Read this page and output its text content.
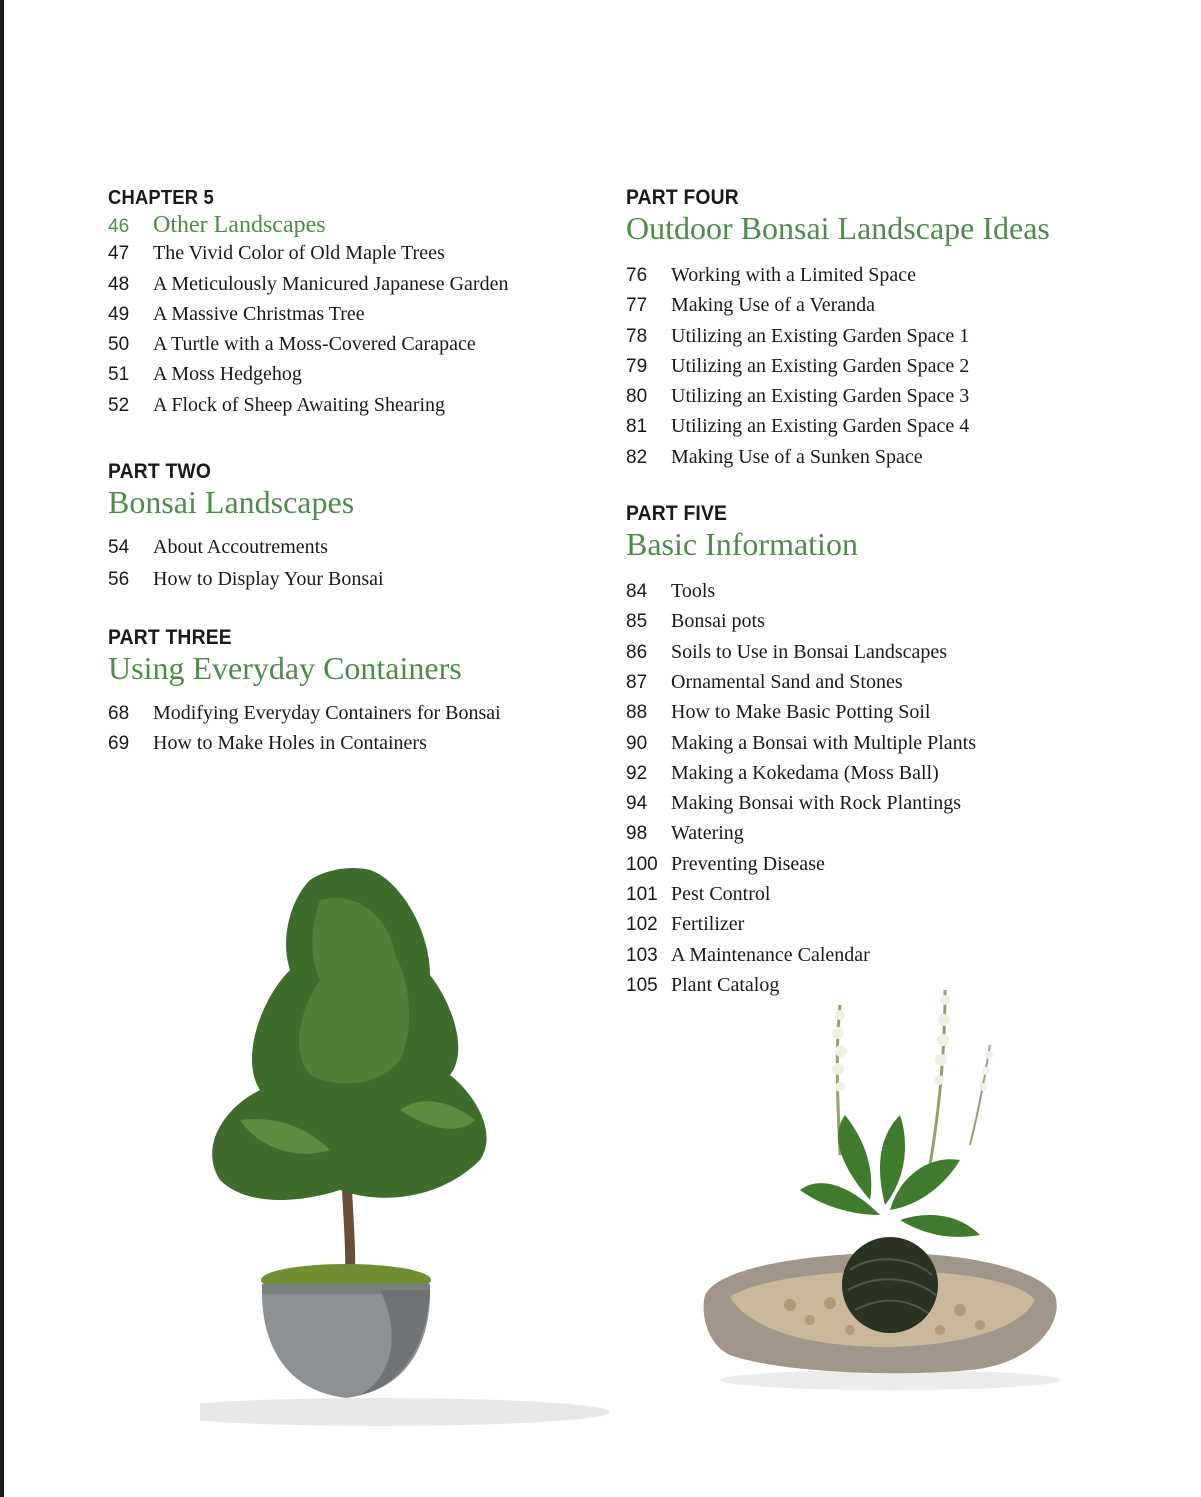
CHAPTER 5
46 Other Landscapes
47	The Vivid Color of Old Maple Trees
48	A Meticulously Manicured Japanese Garden
49	A Massive Christmas Tree
50	A Turtle with a Moss-Covered Carapace
51	A Moss Hedgehog
52	A Flock of Sheep Awaiting Shearing
PART TWO
Bonsai Landscapes
54	About Accoutrements
56	How to Display Your Bonsai
PART THREE
Using Everyday Containers
68	Modifying Everyday Containers for Bonsai
69	How to Make Holes in Containers
PART FOUR
Outdoor Bonsai Landscape Ideas
76	Working with a Limited Space
77	Making Use of a Veranda
78	Utilizing an Existing Garden Space 1
79	Utilizing an Existing Garden Space 2
80	Utilizing an Existing Garden Space 3
81	Utilizing an Existing Garden Space 4
82	Making Use of a Sunken Space
PART FIVE
Basic Information
84	Tools
85	Bonsai pots
86	Soils to Use in Bonsai Landscapes
87	Ornamental Sand and Stones
88	How to Make Basic Potting Soil
90	Making a Bonsai with Multiple Plants
92	Making a Kokedama (Moss Ball)
94	Making Bonsai with Rock Plantings
98	Watering
100 Preventing Disease
101 Pest Control
102 Fertilizer
103 A Maintenance Calendar
105 Plant Catalog
